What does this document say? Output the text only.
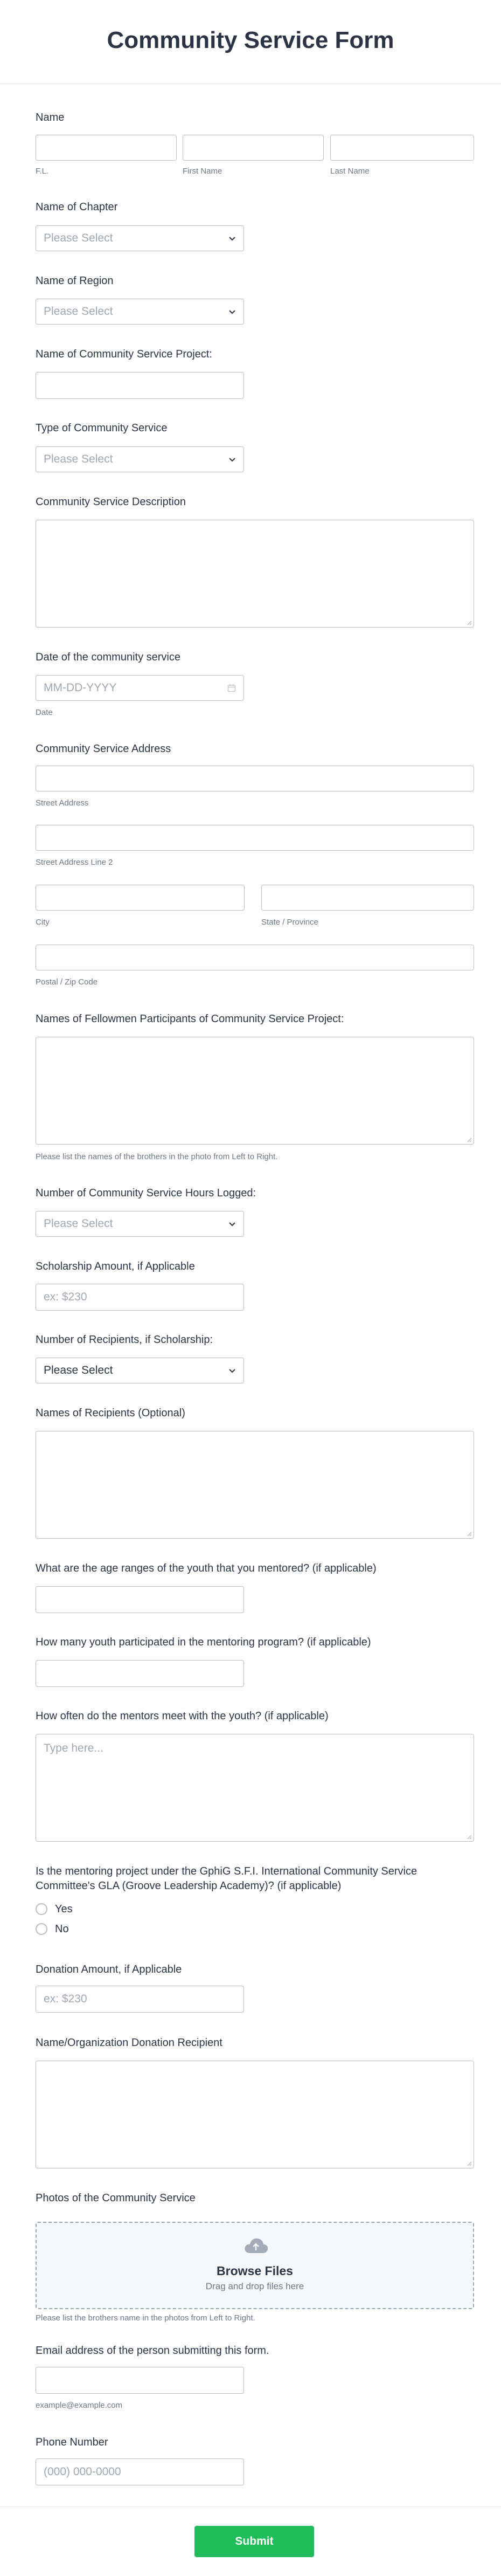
Community Service Form
Name
F.L.	First Name	Last Name
Name of Chapter
Please Select
Name of Region
Please Select
Name of Community Service Project:
Type of Community Service
Please Select
Community Service Description
Date of the community service
MM-DD-YYYY
Date
Community Service Address
Street Address
Street Address Line 2
City	State / Province
Postal / Zip Code
Names of Fellowmen Participants of Community Service Project:
Please list the names of the brothers in the photo from Left to Right.
Number of Community Service Hours Logged:
Please Select
Scholarship Amount, if Applicable
ex: $230
Number of Recipients, if Scholarship:
Please Select
Names of Recipients (Optional)
What are the age ranges of the youth that you mentored? (if applicable)
How many youth participated in the mentoring program? (if applicable)
How often do the mentors meet with the youth? (if applicable)
Type here...
Is the mentoring project under the GphiG S.F.I. International Community Service
Committee's GLA (Groove Leadership Academy)? (if applicable)
Yes
No
Donation Amount, if Applicable
ex: $230
Name/Organization Donation Recipient
Photos of the Community Service
Browse Files
Drag and drop files here
Please list the brothers name in the photos from Left to Right.
Email address of the person submitting this form.
example@example.com
Phone Number
(000) 000-0000
Submit
